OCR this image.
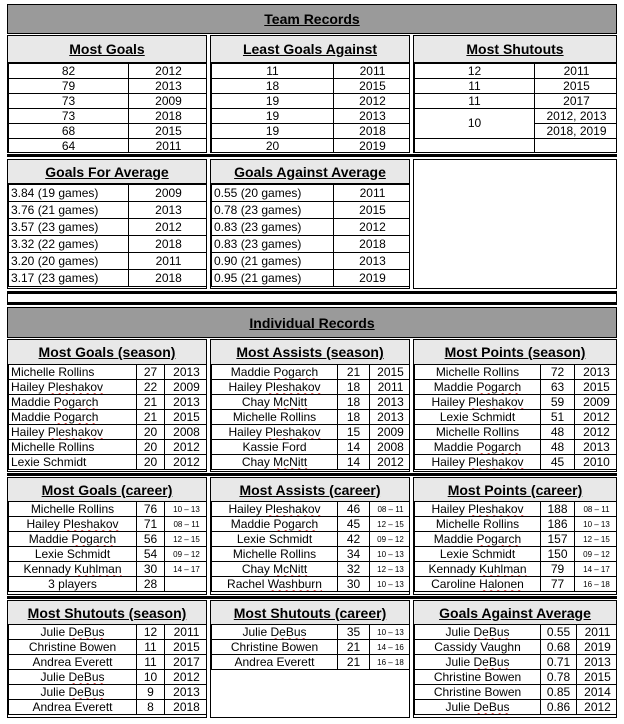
Team Records
Most Goals
82	2012
79	2013
73	2009
73	2018
68	2015
64	2011
Least Goals Against
11	2011
18	2015
19	2012
19	2013
19	2018
20	2019
Most Shutouts
12	2011
11	2015
11	2017
10	2012, 2013
	2018, 2019

Goals For Average
3.84 (19 games)	2009
3.76 (21 games)	2013
3.57 (23 games)	2012
3.32 (22 games)	2018
3.20 (20 games)	2011
3.17 (23 games)	2018
Goals Against Average
0.55 (20 games)	2011
0.78 (23 games)	2015
0.83 (23 games)	2012
0.83 (23 games)	2018
0.90 (21 games)	2013
0.95 (21 games)	2019
Individual Records
Most Goals (season)
Michelle Rollins	27	2013
Hailey Pleshakov	22	2009
Maddie Pogarch	21	2013
Maddie Pogarch	21	2015
Hailey Pleshakov	20	2008
Michelle Rollins	20	2012
Lexie Schmidt	20	2012
Most Assists (season)
Maddie Pogarch	21	2015
Hailey Pleshakov	18	2011
Chay McNitt	18	2013
Michelle Rollins	18	2013
Hailey Pleshakov	15	2009
Kassie Ford	14	2008
Chay McNitt	14	2012
Most Points (season)
Michelle Rollins	72	2013
Maddie Pogarch	63	2015
Hailey Pleshakov	59	2009
Lexie Schmidt	51	2012
Michelle Rollins	48	2012
Maddie Pogarch	48	2013
Hailey Pleshakov	45	2010
Most Goals (career)
Michelle Rollins	76	10 – 13
Hailey Pleshakov	71	08 – 11
Maddie Pogarch	56	12 – 15
Lexie Schmidt	54	09 – 12
Kennady Kuhlman	30	14 – 17
3 players	28	
Most Assists (career)
Hailey Pleshakov	46	08 – 11
Maddie Pogarch	45	12 – 15
Lexie Schmidt	42	09 – 12
Michelle Rollins	34	10 – 13
Chay McNitt	32	12 – 13
Rachel Washburn	30	10 – 13
Most Points (career)
Hailey Pleshakov	188	08 – 11
Michelle Rollins	186	10 – 13
Maddie Pogarch	157	12 – 15
Lexie Schmidt	150	09 – 12
Kennady Kuhlman	79	14 – 17
Caroline Halonen	77	16 – 18
Most Shutouts (season)
Julie DeBus	12	2011
Christine Bowen	11	2015
Andrea Everett	11	2017
Julie DeBus	10	2012
Julie DeBus	9	2013
Andrea Everett	8	2018
Most Shutouts (career)
Julie DeBus	35	10 – 13
Christine Bowen	21	14 – 16
Andrea Everett	21	16 – 18
Goals Against Average
Julie DeBus	0.55	2011
Cassidy Vaughn	0.68	2019
Julie DeBus	0.71	2013
Christine Bowen	0.78	2015
Christine Bowen	0.85	2014
Julie DeBus	0.86	2012
